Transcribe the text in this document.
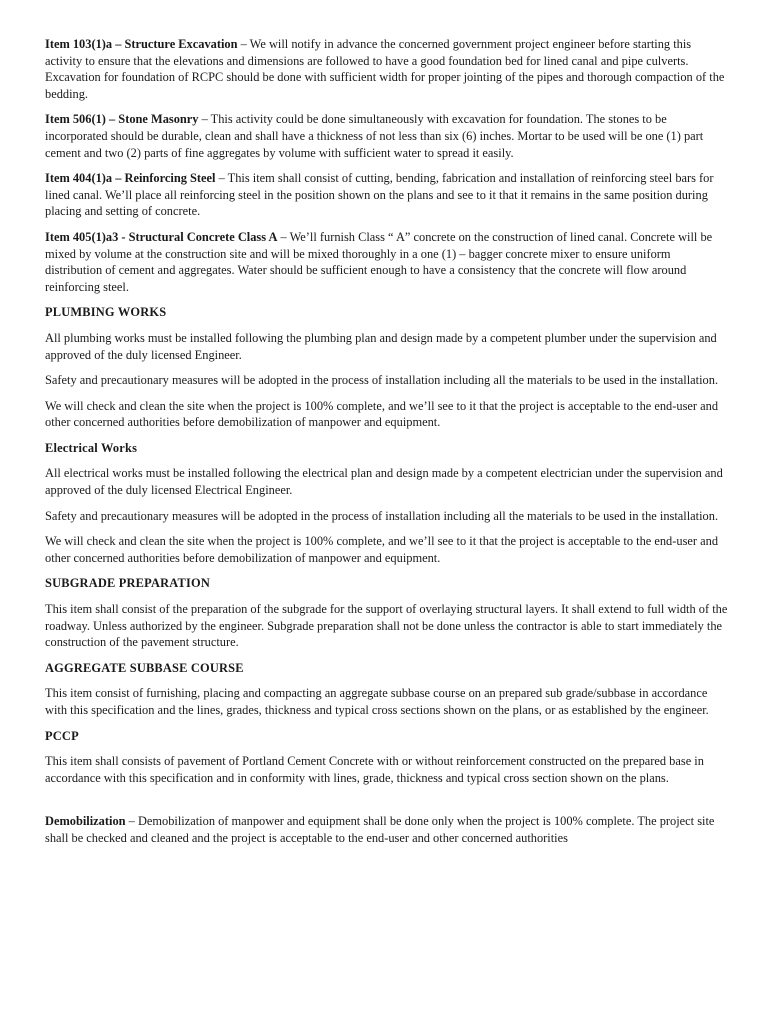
Item 103(1)a – Structure Excavation – We will notify in advance the concerned government project engineer before starting this activity to ensure that the elevations and dimensions are followed to have a good foundation bed for lined canal and pipe culverts. Excavation for foundation of RCPC should be done with sufficient width for proper jointing of the pipes and thorough compaction of the bedding.

Item 506(1) – Stone Masonry – This activity could be done simultaneously with excavation for foundation. The stones to be incorporated should be durable, clean and shall have a thickness of not less than six (6) inches. Mortar to be used will be one (1) part cement and two (2) parts of fine aggregates by volume with sufficient water to spread it easily.

Item 404(1)a – Reinforcing Steel – This item shall consist of cutting, bending, fabrication and installation of reinforcing steel bars for lined canal. We’ll place all reinforcing steel in the position shown on the plans and see to it that it remains in the same position during placing and setting of concrete.

Item 405(1)a3 - Structural Concrete Class A – We’ll furnish Class “ A” concrete on the construction of lined canal. Concrete will be mixed by volume at the construction site and will be mixed thoroughly in a one (1) – bagger concrete mixer to ensure uniform distribution of cement and aggregates. Water should be sufficient enough to have a consistency that the concrete will flow around reinforcing steel.

PLUMBING WORKS

All plumbing works must be installed following the plumbing plan and design made by a competent plumber under the supervision and approved of the duly licensed Engineer.

Safety and precautionary measures will be adopted in the process of installation including all the materials to be used in the installation.

We will check and clean the site when the project is 100% complete, and we’ll see to it that the project is acceptable to the end-user and other concerned authorities before demobilization of manpower and equipment.

Electrical Works

All electrical works must be installed following the electrical plan and design made by a competent electrician under the supervision and approved of the duly licensed Electrical Engineer.

Safety and precautionary measures will be adopted in the process of installation including all the materials to be used in the installation.

We will check and clean the site when the project is 100% complete, and we’ll see to it that the project is acceptable to the end-user and other concerned authorities before demobilization of manpower and equipment.

SUBGRADE PREPARATION

This item shall consist of the preparation of the subgrade for the support of overlaying structural layers. It shall extend to full width of the roadway. Unless authorized by the engineer. Subgrade preparation shall not be done unless the contractor is able to start immediately the construction of the pavement structure.

AGGREGATE SUBBASE COURSE

This item consist of furnishing, placing and compacting an aggregate subbase course on an prepared sub grade/subbase in accordance with this specification and the lines, grades, thickness and typical cross sections shown on the plans, or as established by the engineer.

PCCP

This item shall consists of pavement of Portland Cement Concrete with or without reinforcement constructed on the prepared base in accordance with this specification and in conformity with lines, grade, thickness and typical cross section shown on the plans.

Demobilization – Demobilization of manpower and equipment shall be done only when the project is 100% complete. The project site shall be checked and cleaned and the project is acceptable to the end-user and other concerned authorities
